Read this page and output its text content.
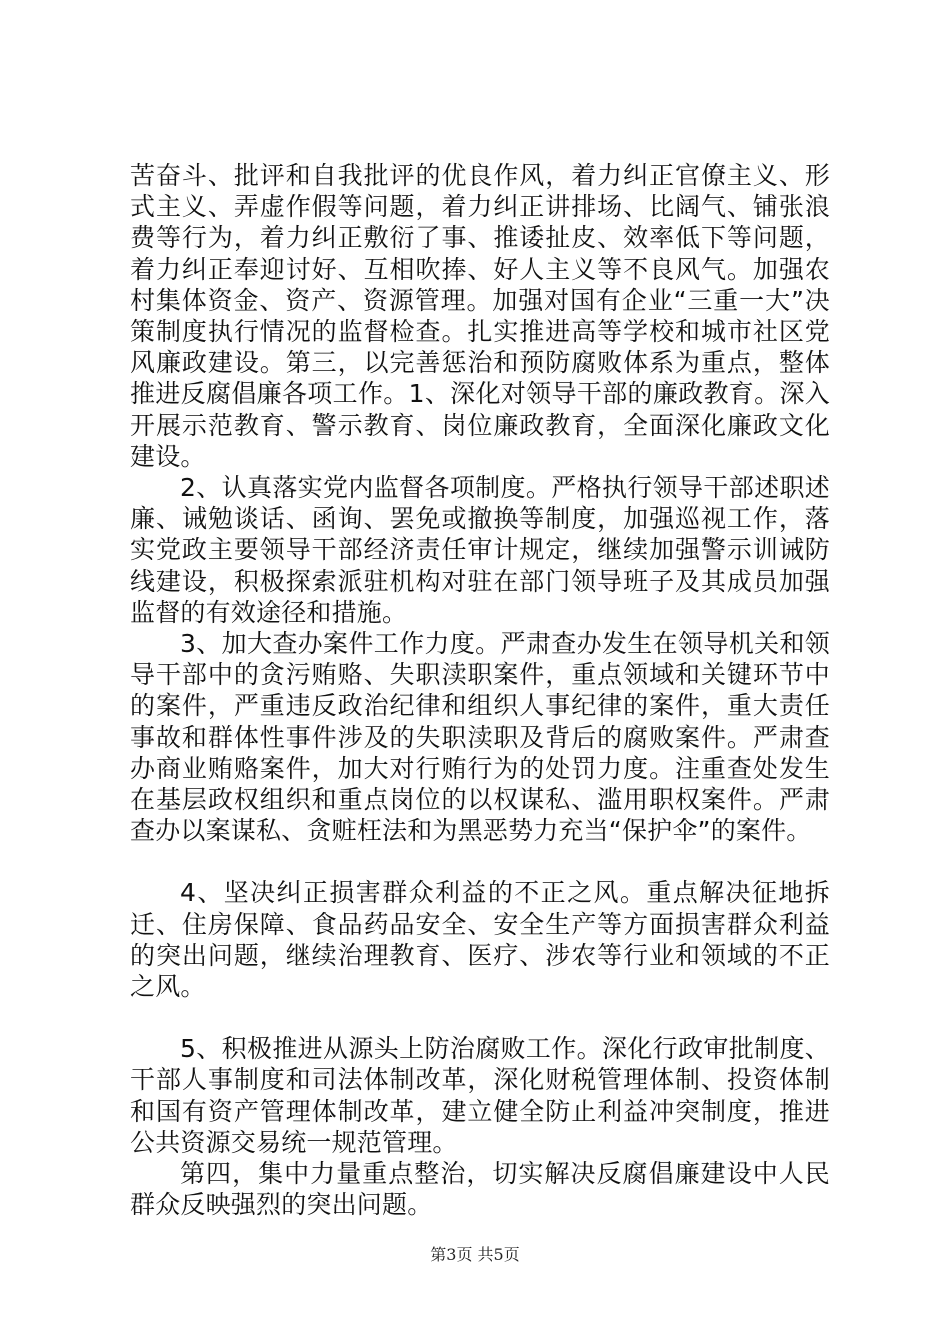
苦奋斗、批评和自我批评的优良作风，着力纠正官僚主义、形式主义、弄虚作假等问题，着力纠正讲排场、比阔气、铺张浪费等行为，着力纠正敷衍了事、推诿扯皮、效率低下等问题，着力纠正奉迎讨好、互相吹捧、好人主义等不良风气。加强农村集体资金、资产、资源管理。加强对国有企业“三重一大”决策制度执行情况的监督检查。扎实推进高等学校和城市社区党风廉政建设。第三，以完善惩治和预防腐败体系为重点，整体推进反腐倡廉各项工作。1、深化对领导干部的廉政教育。深入开展示范教育、警示教育、岗位廉政教育，全面深化廉政文化建设。

2、认真落实党内监督各项制度。严格执行领导干部述职述廉、诫勉谈话、函询、罢免或撤换等制度，加强巡视工作，落实党政主要领导干部经济责任审计规定，继续加强警示训诫防线建设，积极探索派驻机构对驻在部门领导班子及其成员加强监督的有效途径和措施。

3、加大查办案件工作力度。严肃查办发生在领导机关和领导干部中的贪污贿赂、失职渎职案件，重点领域和关键环节中的案件，严重违反政治纪律和组织人事纪律的案件，重大责任事故和群体性事件涉及的失职渎职及背后的腐败案件。严肃查办商业贿赂案件，加大对行贿行为的处罚力度。注重查处发生在基层政权组织和重点岗位的以权谋私、滥用职权案件。严肃查办以案谋私、贪赃枉法和为黑恶势力充当“保护伞”的案件。

4、坚决纠正损害群众利益的不正之风。重点解决征地拆迁、住房保障、食品药品安全、安全生产等方面损害群众利益的突出问题，继续治理教育、医疗、涉农等行业和领域的不正之风。

5、积极推进从源头上防治腐败工作。深化行政审批制度、干部人事制度和司法体制改革，深化财税管理体制、投资体制和国有资产管理体制改革，建立健全防止利益冲突制度，推进公共资源交易统一规范管理。

第四，集中力量重点整治，切实解决反腐倡廉建设中人民群众反映强烈的突出问题。

第3页 共5页
